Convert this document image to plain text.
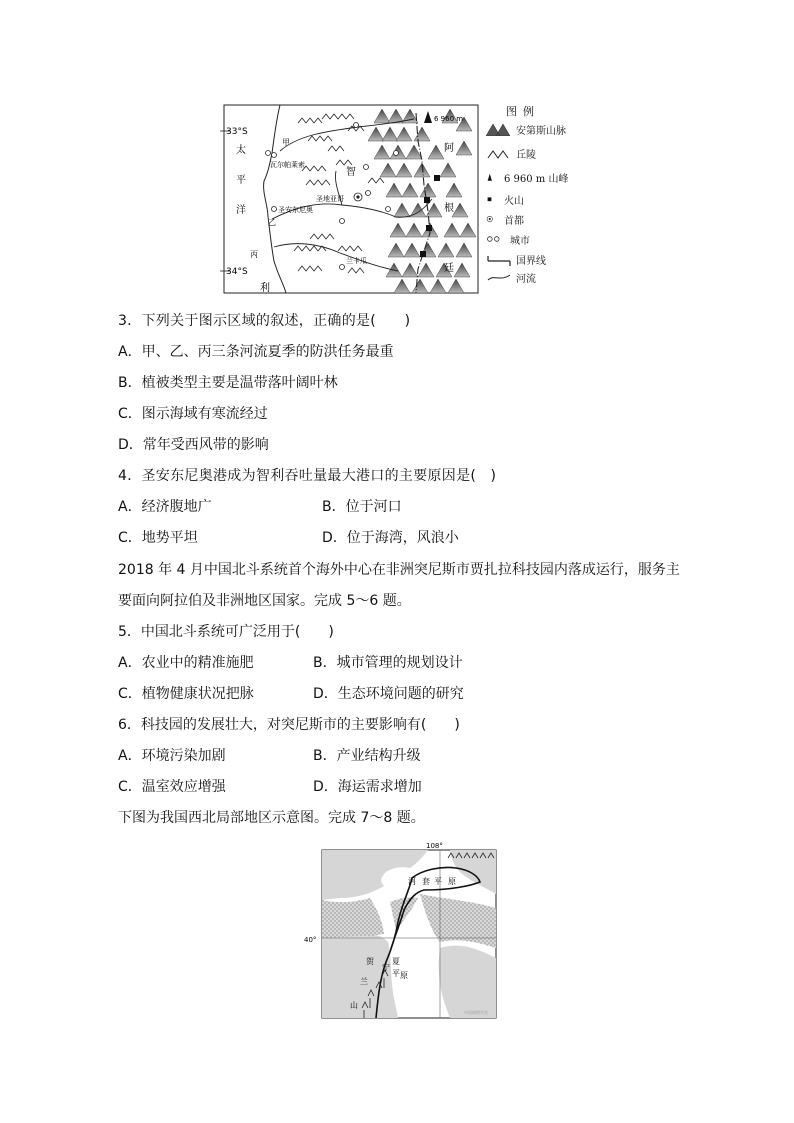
6 960 m
33°S
34°S
太
平
洋
智
利
阿
根
廷
甲
乙
丙
瓦尔帕莱索
圣地亚哥
圣安东尼奥
兰卡瓜
图例
安第斯山脉
丘陵
6 960 m 山峰
火山
首都
城市
国界线
河流
3．下列关于图示区域的叙述，正确的是(　　)
A．甲、乙、丙三条河流夏季的防洪任务最重
B．植被类型主要是温带落叶阔叶林
C．图示海域有寒流经过
D．常年受西风带的影响
4．圣安东尼奥港成为智利吞吐量最大港口的主要原因是(　)
A．经济腹地广	B．位于河口
C．地势平坦	D．位于海湾，风浪小
2018 年 4 月中国北斗系统首个海外中心在非洲突尼斯市贾扎拉科技园内落成运行，服务主
要面向阿拉伯及非洲地区国家。完成 5～6 题。
5．中国北斗系统可广泛用于(　　)
A．农业中的精准施肥	B．城市管理的规划设计
C．植物健康状况把脉	D．生态环境问题的研究
6．科技园的发展壮大，对突尼斯市的主要影响有(　　)
A．环境污染加剧	B．产业结构升级
C．温室效应增强	D．海运需求增加
下图为我国西北局部地区示意图。完成 7～8 题。
108°
40°
河 套 平 原
贺
兰
山
宁
夏
平 原
中国地理学会
